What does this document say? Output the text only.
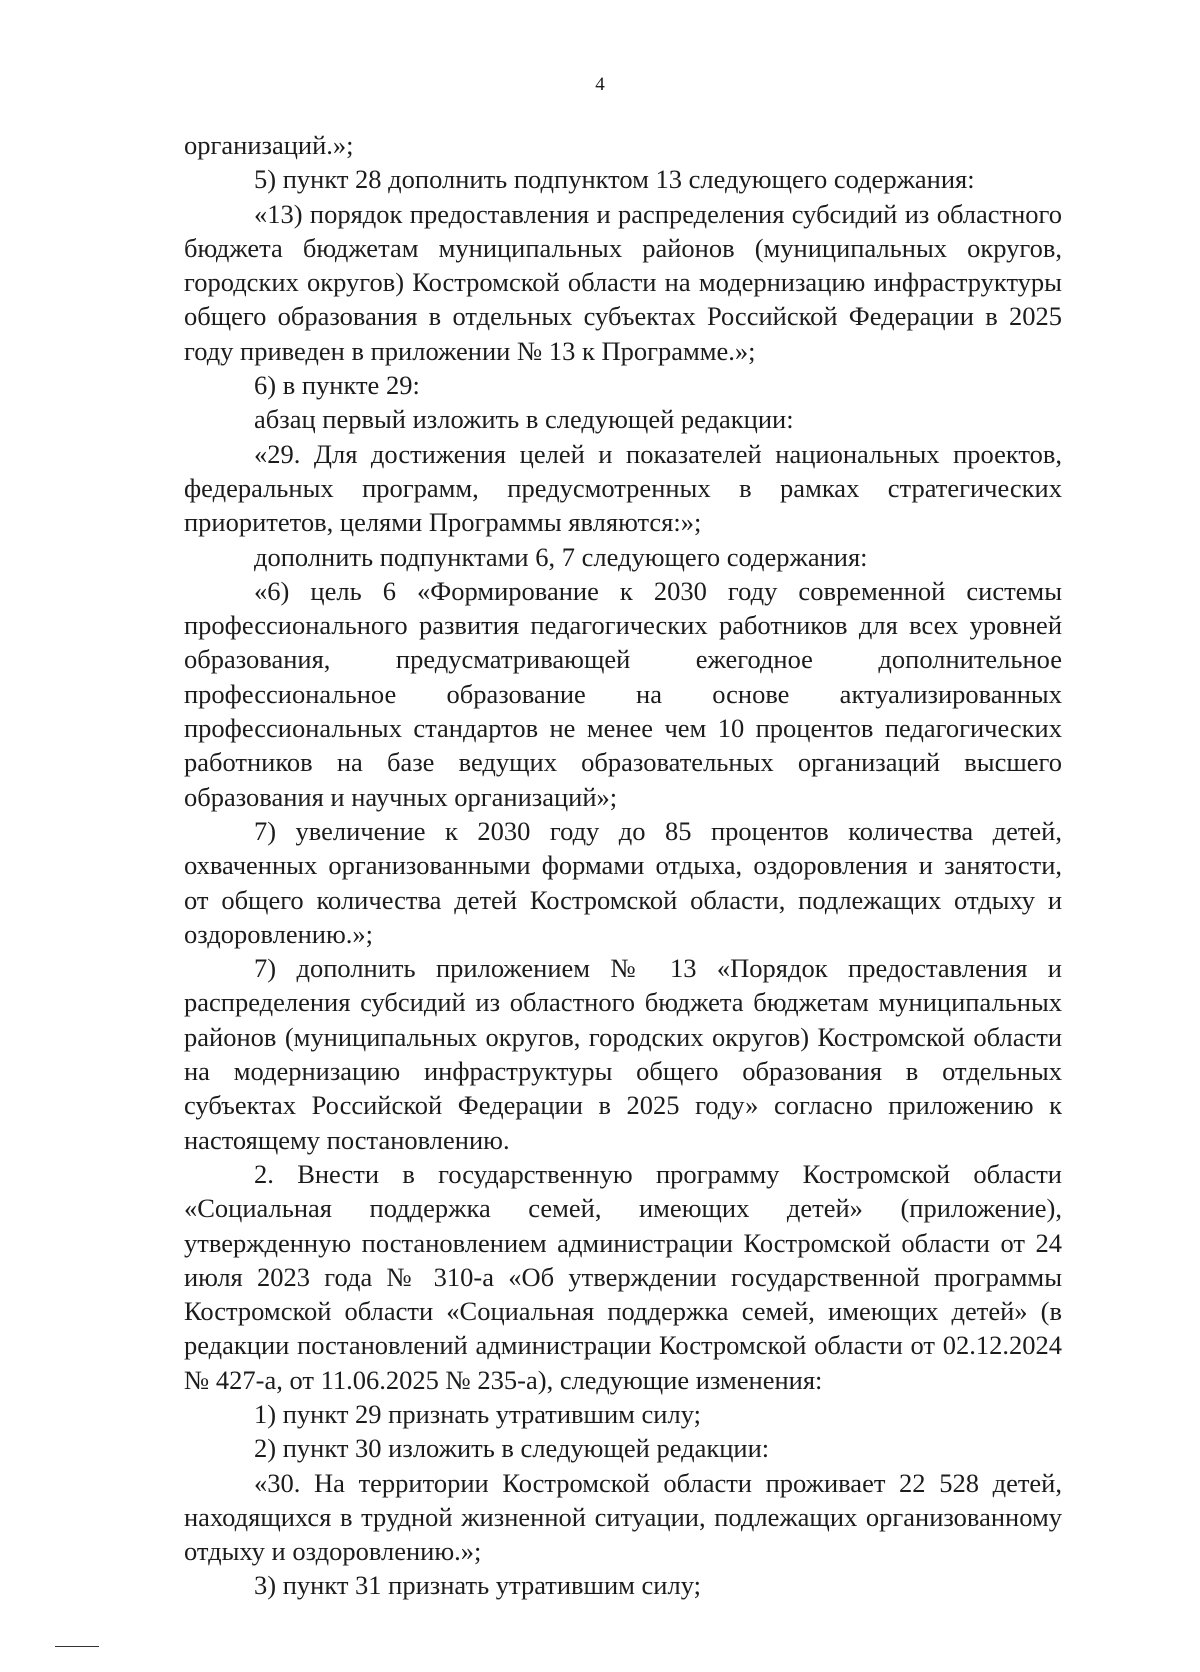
4

организаций.»;

5) пункт 28 дополнить подпунктом 13 следующего содержания:

«13) порядок предоставления и распределения субсидий из областного бюджета бюджетам муниципальных районов (муниципальных округов, городских округов) Костромской области на модернизацию инфраструктуры общего образования в отдельных субъектах Российской Федерации в 2025 году приведен в приложении № 13 к Программе.»;

6) в пункте 29:

абзац первый изложить в следующей редакции:

«29. Для достижения целей и показателей национальных проектов, федеральных программ, предусмотренных в рамках стратегических приоритетов, целями Программы являются:»;

дополнить подпунктами 6, 7 следующего содержания:

«6) цель 6 «Формирование к 2030 году современной системы профессионального развития педагогических работников для всех уровней образования, предусматривающей ежегодное дополнительное профессиональное образование на основе актуализированных профессиональных стандартов не менее чем 10 процентов педагогических работников на базе ведущих образовательных организаций высшего образования и научных организаций»;

7) увеличение к 2030 году до 85 процентов количества детей, охваченных организованными формами отдыха, оздоровления и занятости, от общего количества детей Костромской области, подлежащих отдыху и оздоровлению.»;

7) дополнить приложением № 13 «Порядок предоставления и распределения субсидий из областного бюджета бюджетам муниципальных районов (муниципальных округов, городских округов) Костромской области на модернизацию инфраструктуры общего образования в отдельных субъектах Российской Федерации в 2025 году» согласно приложению к настоящему постановлению.

2. Внести в государственную программу Костромской области «Социальная поддержка семей, имеющих детей» (приложение), утвержденную постановлением администрации Костромской области от 24 июля 2023 года № 310-а «Об утверждении государственной программы Костромской области «Социальная поддержка семей, имеющих детей» (в редакции постановлений администрации Костромской области от 02.12.2024 № 427-а, от 11.06.2025 № 235-а), следующие изменения:

1) пункт 29 признать утратившим силу;

2) пункт 30 изложить в следующей редакции:

«30. На территории Костромской области проживает 22 528 детей, находящихся в трудной жизненной ситуации, подлежащих организованному отдыху и оздоровлению.»;

3) пункт 31 признать утратившим силу;
